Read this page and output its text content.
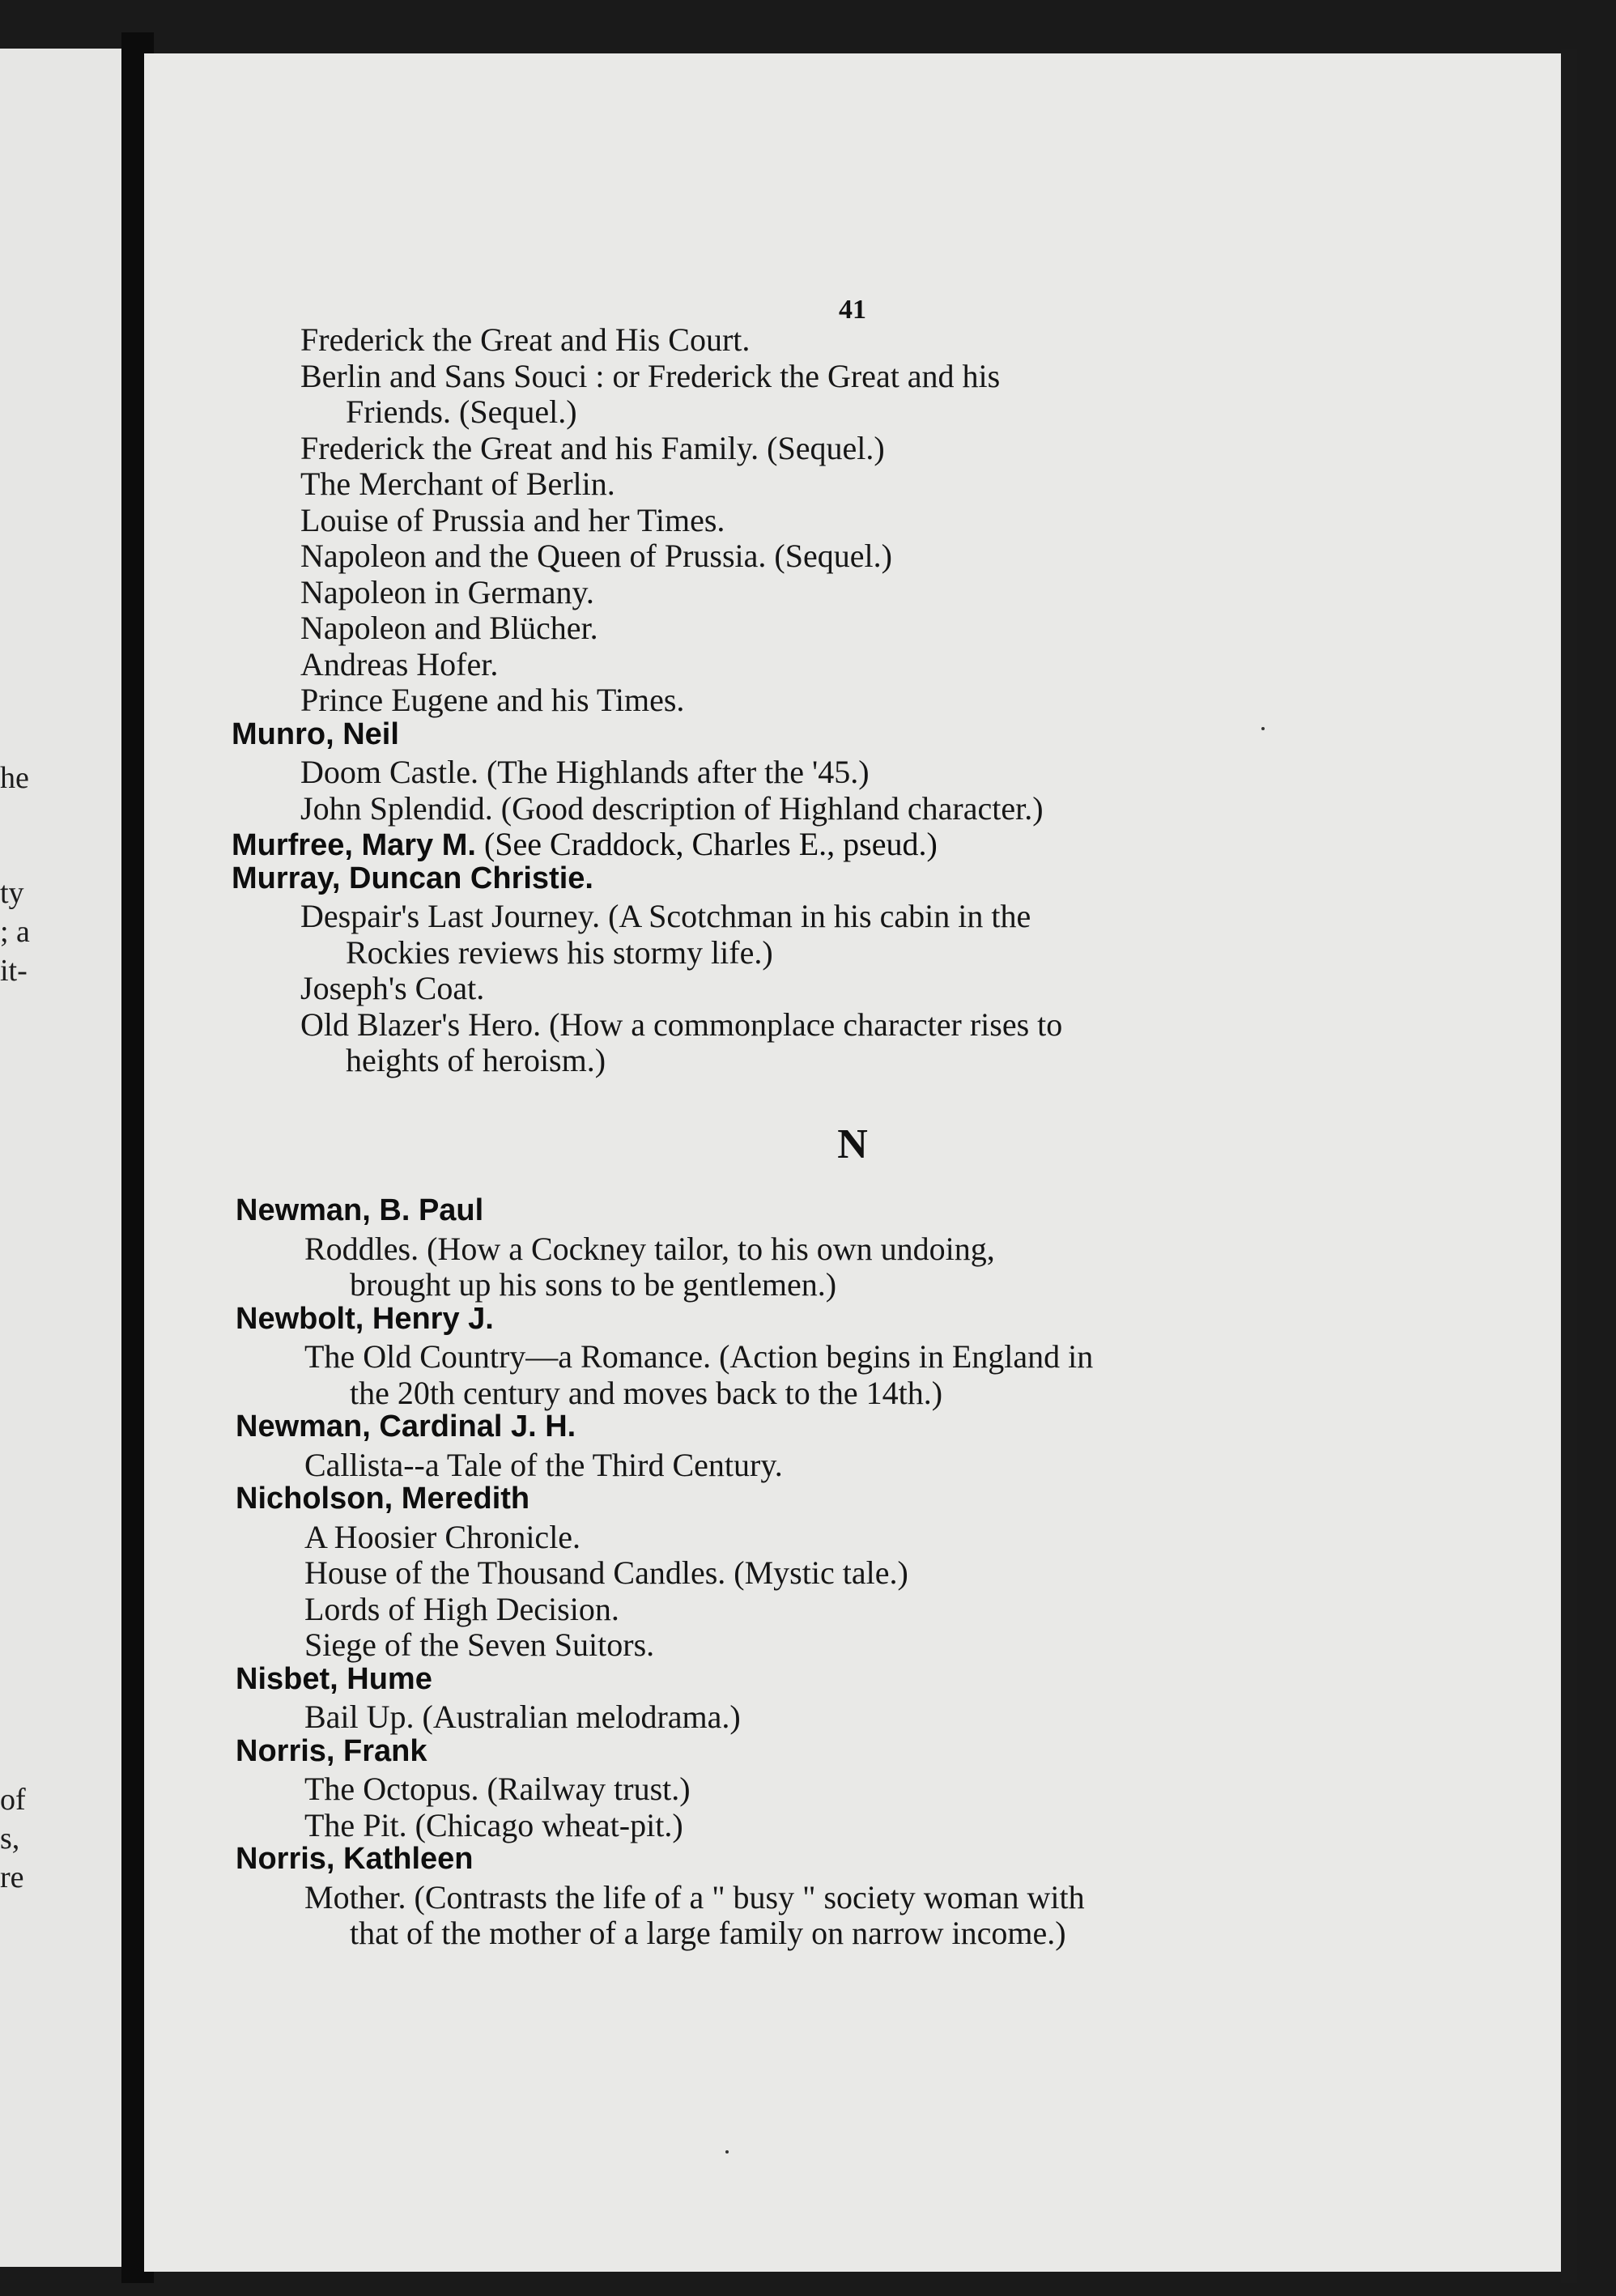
he
ty
; a
it-
of
s,
re
41
Frederick the Great and His Court.
Berlin and Sans Souci : or Frederick the Great and his
Friends. (Sequel.)
Frederick the Great and his Family. (Sequel.)
The Merchant of Berlin.
Louise of Prussia and her Times.
Napoleon and the Queen of Prussia. (Sequel.)
Napoleon in Germany.
Napoleon and Blücher.
Andreas Hofer.
Prince Eugene and his Times.
Munro, Neil
Doom Castle. (The Highlands after the '45.)
John Splendid. (Good description of Highland character.)
Murfree, Mary M. (See Craddock, Charles E., pseud.)
Murray, Duncan Christie.
Despair's Last Journey. (A Scotchman in his cabin in the
Rockies reviews his stormy life.)
Joseph's Coat.
Old Blazer's Hero. (How a commonplace character rises to
heights of heroism.)
Newman, B. Paul
Roddles. (How a Cockney tailor, to his own undoing,
brought up his sons to be gentlemen.)
Newbolt, Henry J.
The Old Country—a Romance. (Action begins in England in
the 20th century and moves back to the 14th.)
Newman, Cardinal J. H.
Callista--a Tale of the Third Century.
Nicholson, Meredith
A Hoosier Chronicle.
House of the Thousand Candles. (Mystic tale.)
Lords of High Decision.
Siege of the Seven Suitors.
Nisbet, Hume
Bail Up. (Australian melodrama.)
Norris, Frank
The Octopus. (Railway trust.)
The Pit. (Chicago wheat-pit.)
Norris, Kathleen
Mother. (Contrasts the life of a " busy " society woman with
that of the mother of a large family on narrow income.)
N
